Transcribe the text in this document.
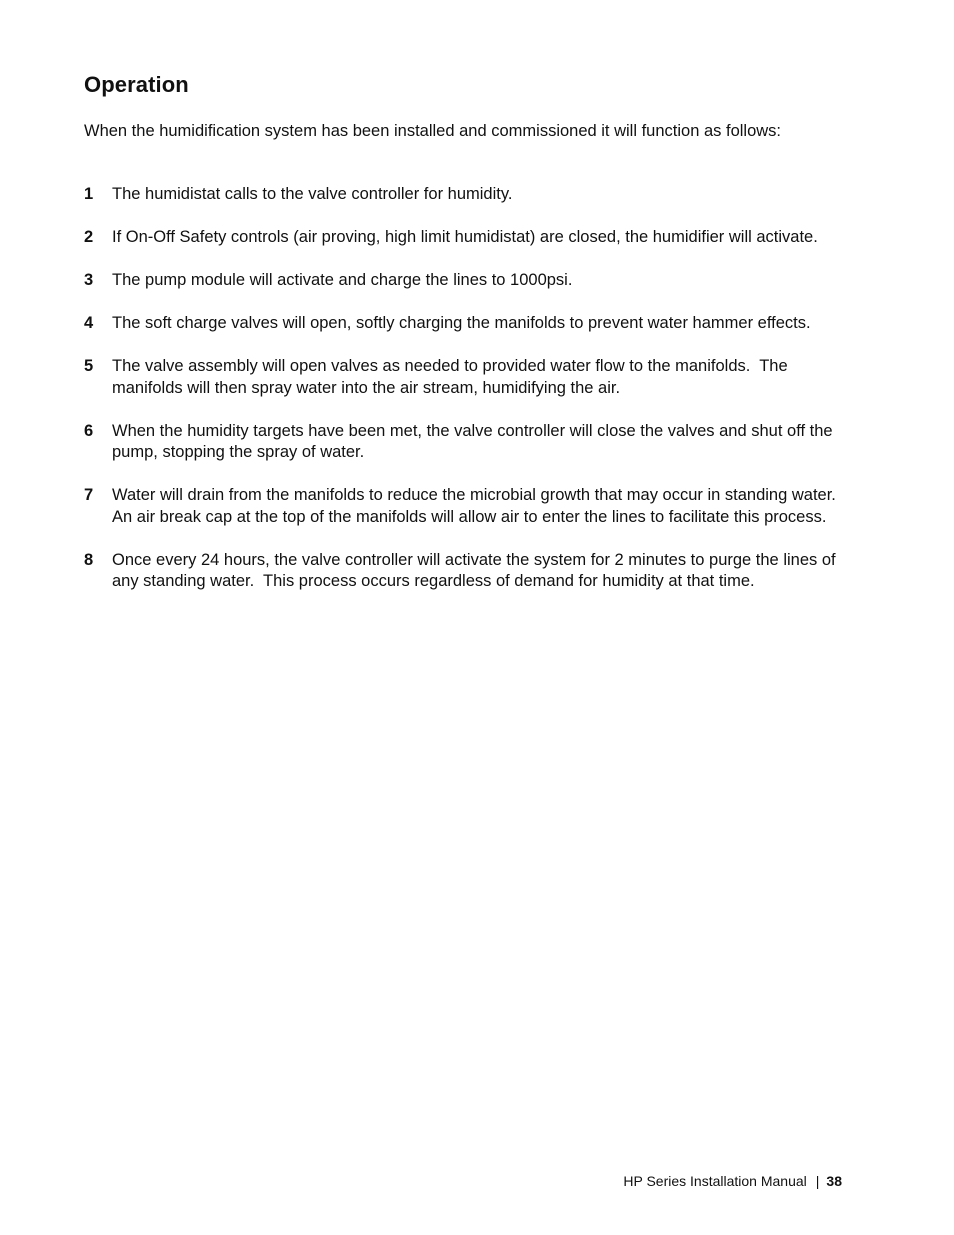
Operation

When the humidification system has been installed and commissioned it will function as follows:

1 The humidistat calls to the valve controller for humidity.
2 If On-Off Safety controls (air proving, high limit humidistat) are closed, the humidifier will activate.
3 The pump module will activate and charge the lines to 1000psi.
4 The soft charge valves will open, softly charging the manifolds to prevent water hammer effects.
5 The valve assembly will open valves as needed to provided water flow to the manifolds.  The manifolds will then spray water into the air stream, humidifying the air.
6 When the humidity targets have been met, the valve controller will close the valves and shut off the pump, stopping the spray of water.
7 Water will drain from the manifolds to reduce the microbial growth that may occur in standing water.  An air break cap at the top of the manifolds will allow air to enter the lines to facilitate this process.
8 Once every 24 hours, the valve controller will activate the system for 2 minutes to purge the lines of any standing water.  This process occurs regardless of demand for humidity at that time.
HP Series Installation Manual | 38
